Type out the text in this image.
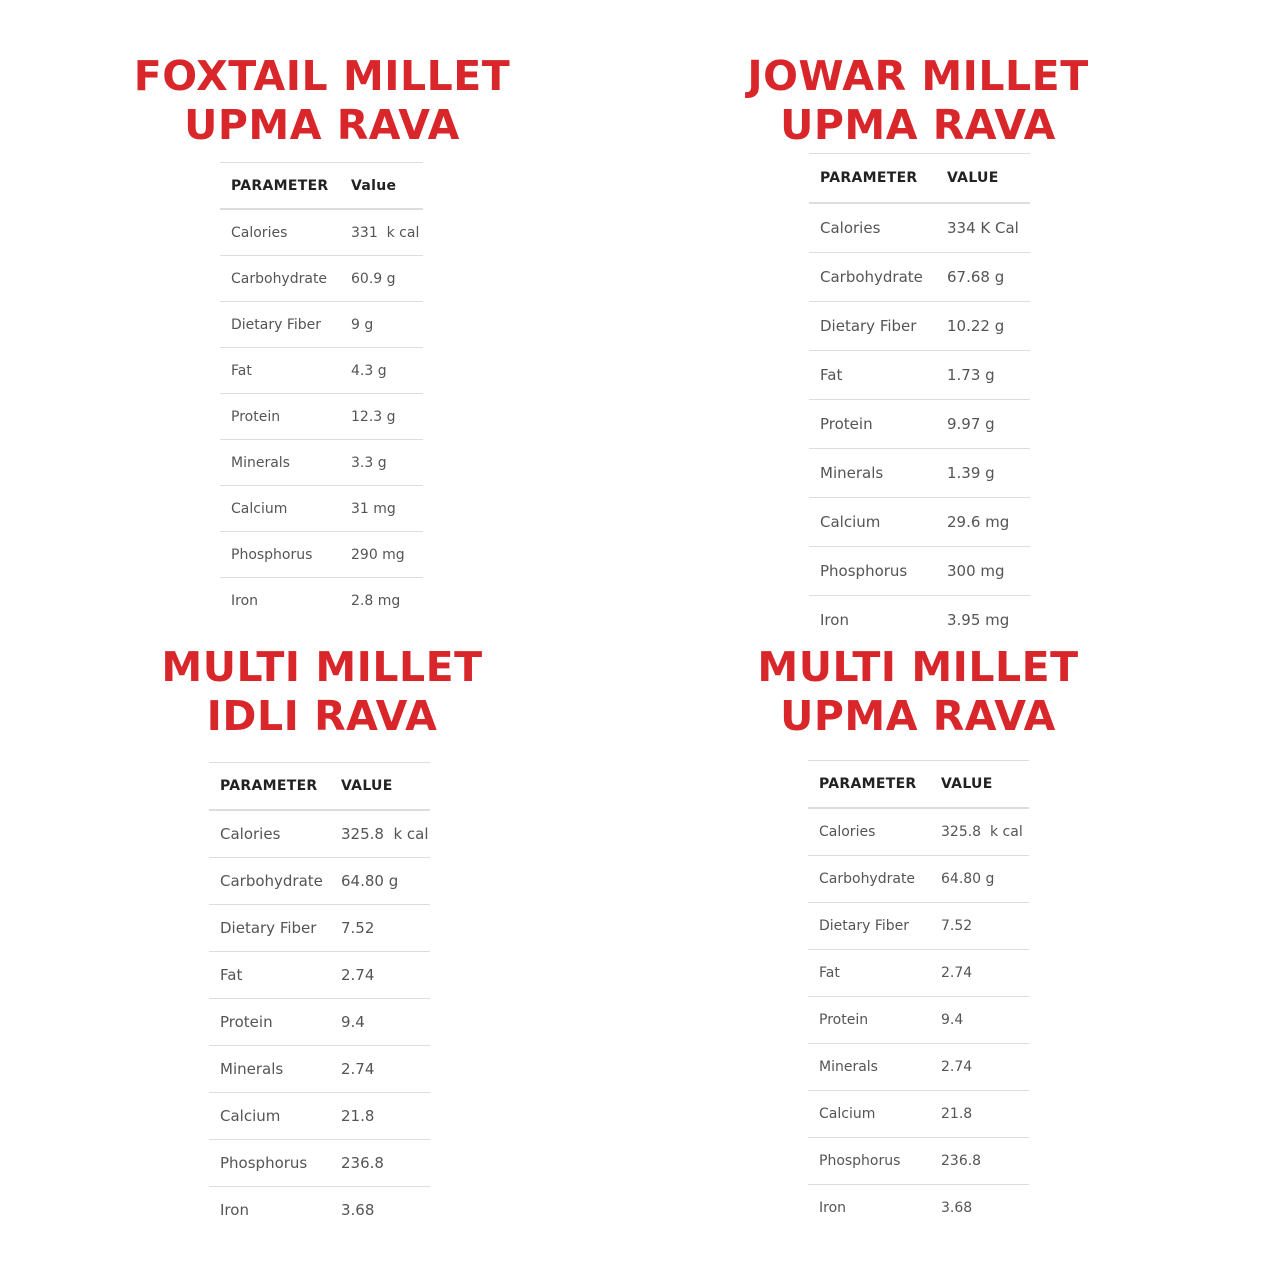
FOXTAIL MILLET
UPMA RAVA
JOWAR MILLET
UPMA RAVA
MULTI MILLET
IDLI RAVA
MULTI MILLET
UPMA RAVA
PARAMETER	Value
Calories	331  k cal
Carbohydrate	60.9 g
Dietary Fiber	9 g
Fat	4.3 g
Protein	12.3 g
Minerals	3.3 g
Calcium	31 mg
Phosphorus	290 mg
Iron	2.8 mg
PARAMETER	VALUE
Calories	334 K Cal
Carbohydrate	67.68 g
Dietary Fiber	10.22 g
Fat	1.73 g
Protein	9.97 g
Minerals	1.39 g
Calcium	29.6 mg
Phosphorus	300 mg
Iron	3.95 mg
PARAMETER	VALUE
Calories	325.8  k cal
Carbohydrate	64.80 g
Dietary Fiber	7.52
Fat	2.74
Protein	9.4
Minerals	2.74
Calcium	21.8
Phosphorus	236.8
Iron	3.68
PARAMETER	VALUE
Calories	325.8  k cal
Carbohydrate	64.80 g
Dietary Fiber	7.52
Fat	2.74
Protein	9.4
Minerals	2.74
Calcium	21.8
Phosphorus	236.8
Iron	3.68
